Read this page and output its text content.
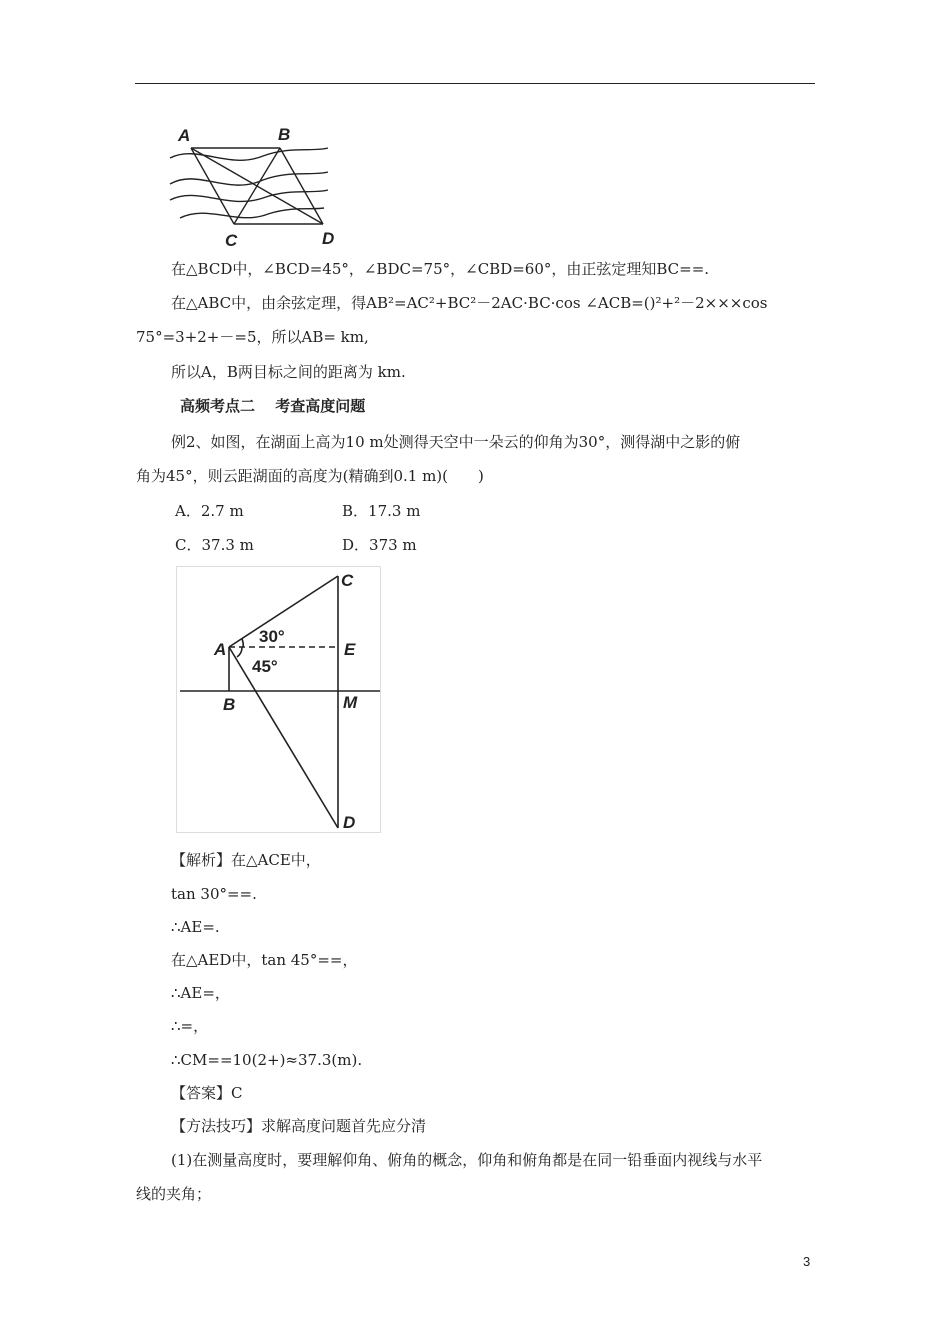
A	B
C	D
在△BCD中，∠BCD=45°，∠BDC=75°，∠CBD=60°，由正弦定理知BC==.
在△ABC中，由余弦定理，得AB²=AC²+BC²－2AC·BC·cos ∠ACB=()²+²－2×××cos
75°=3+2+－=5，所以AB= km,
所以A，B两目标之间的距离为 km.
高频考点二　 考查高度问题
例2、如图，在湖面上高为10 m处测得天空中一朵云的仰角为30°，测得湖中之影的俯
角为45°，则云距湖面的高度为(精确到0.1 m)(　　)
A．2.7 m	B．17.3 m
C．37.3 m	D．373 m
C
A	E
B	M
D
30°
45°
【解析】在△ACE中，
tan 30°==.
∴AE=.
在△AED中，tan 45°==，
∴AE=，
∴=，
∴CM==10(2+)≈37.3(m).
【答案】C
【方法技巧】求解高度问题首先应分清
(1)在测量高度时，要理解仰角、俯角的概念，仰角和俯角都是在同一铅垂面内视线与水平
线的夹角；
3
